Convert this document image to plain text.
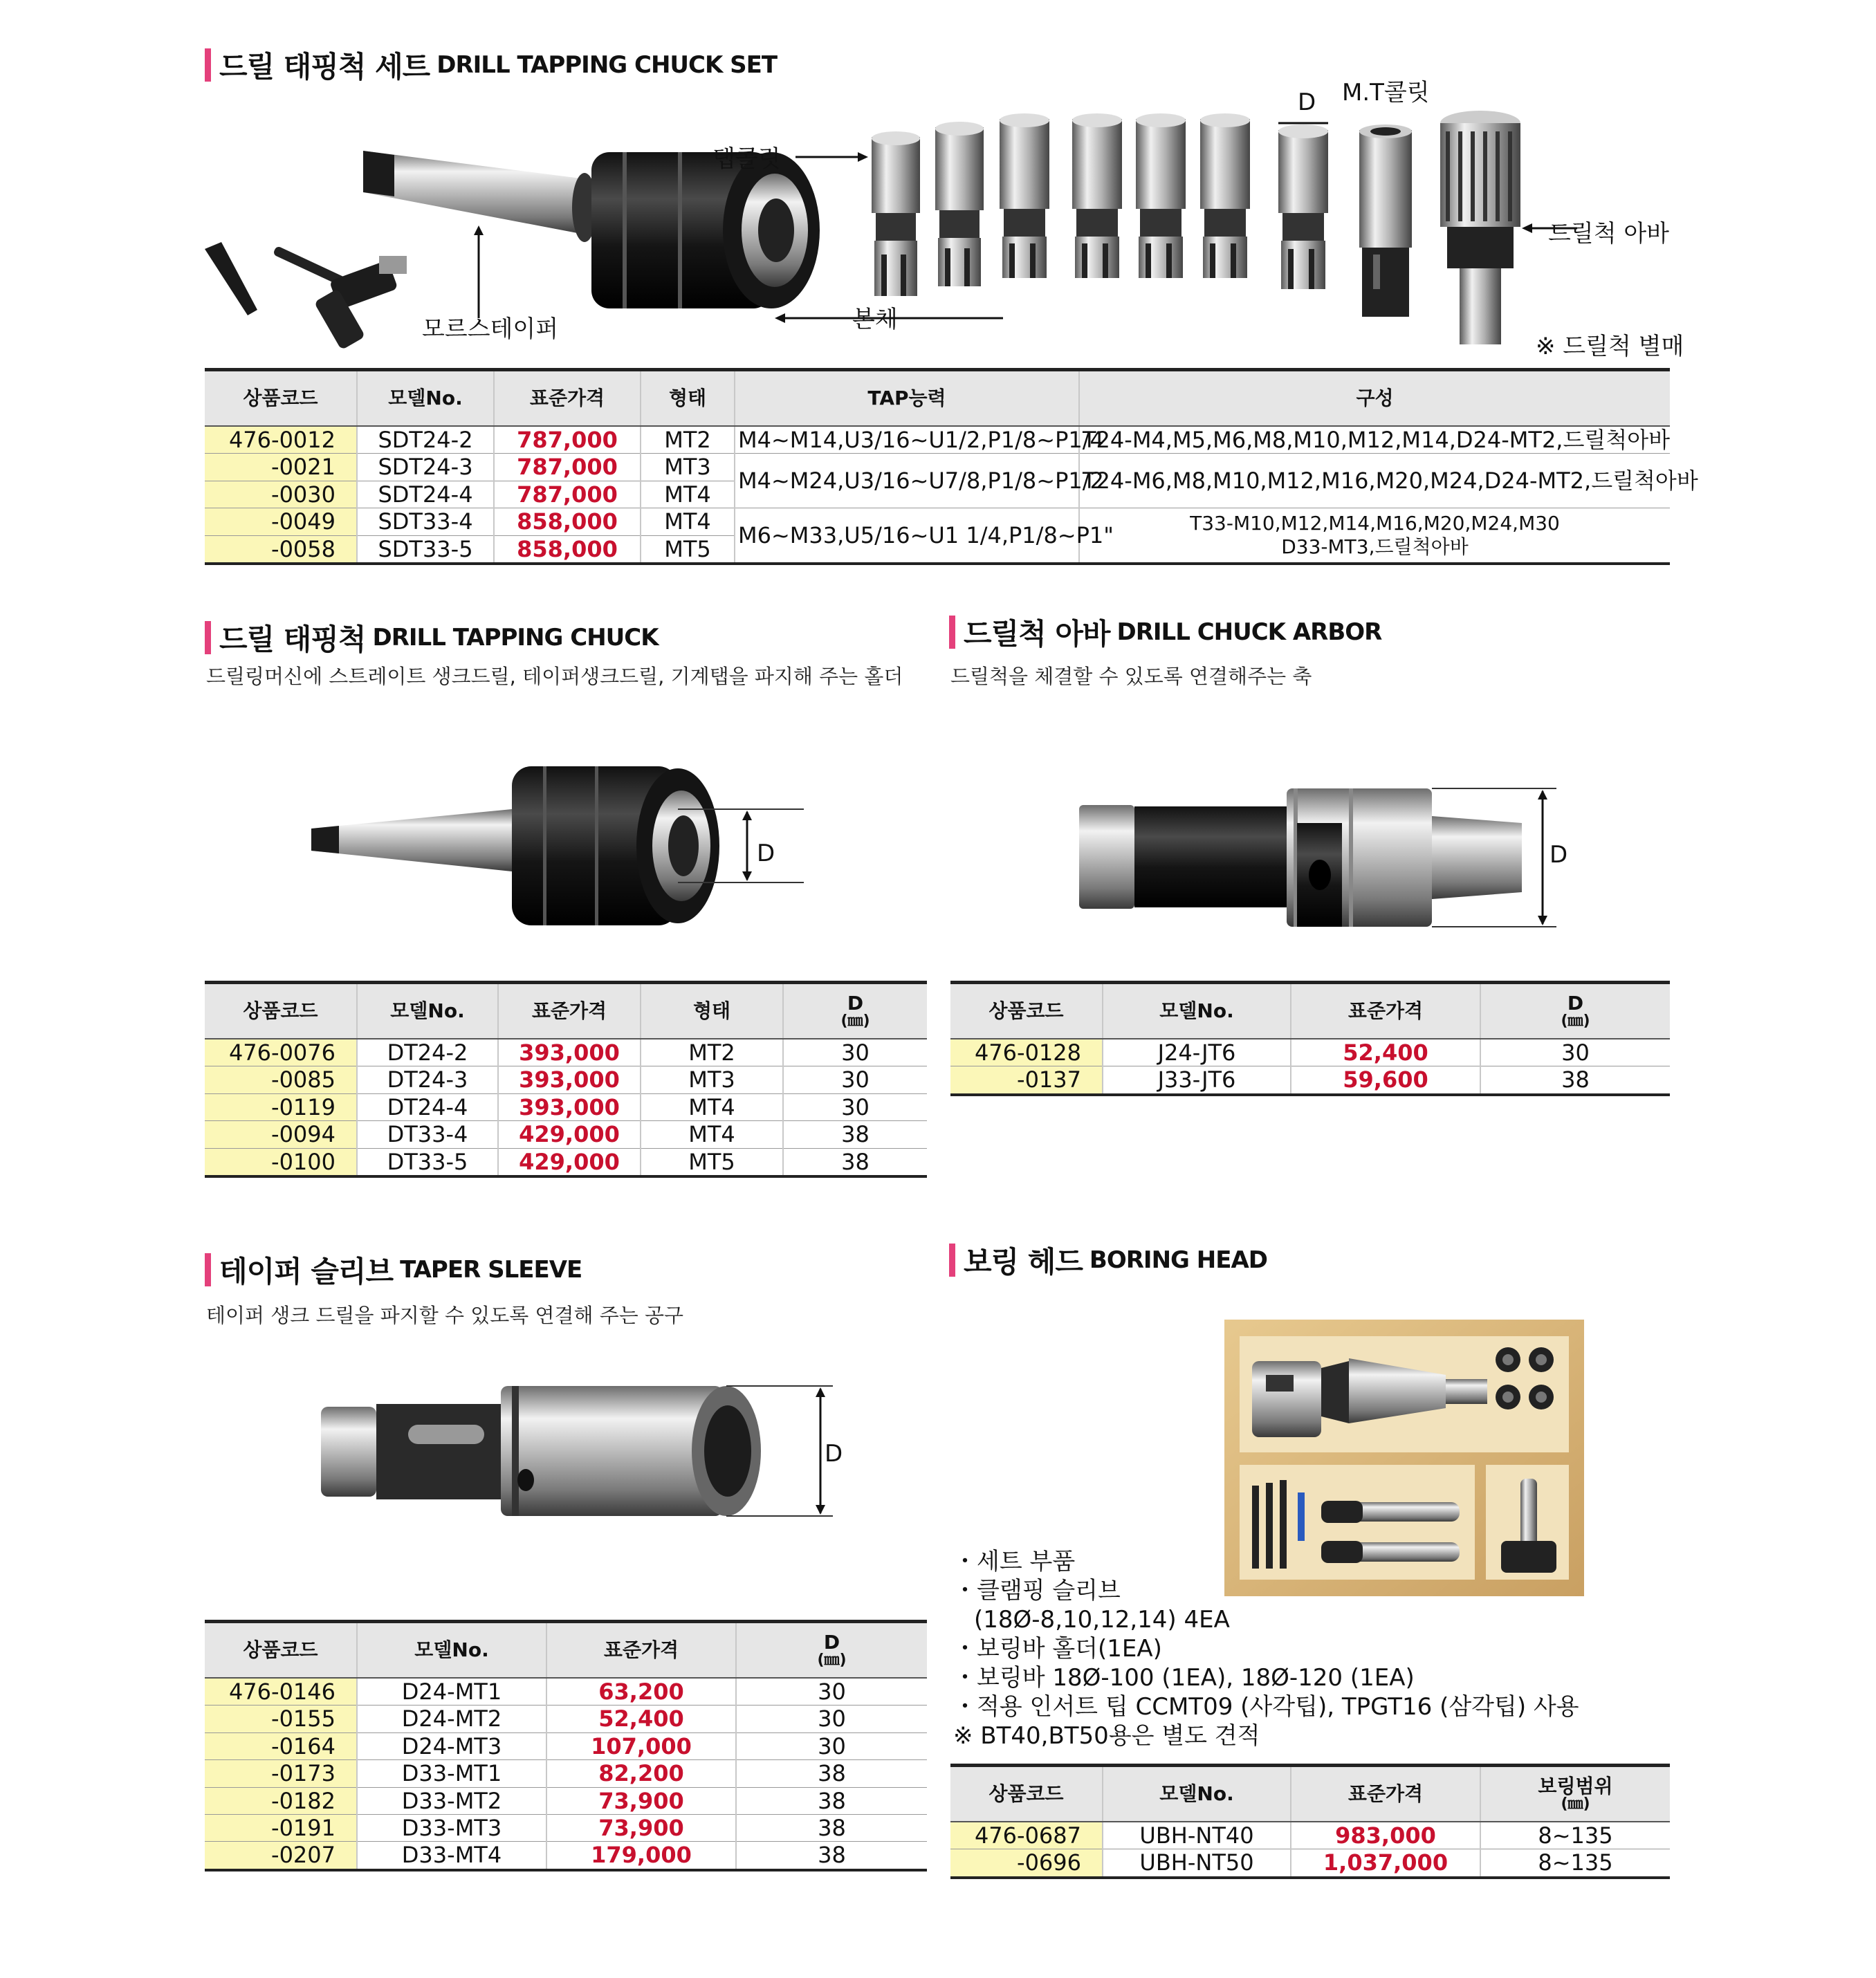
드릴 태핑척 세트 DRILL TAPPING CHUCK SET
탭콜릿
모르스테이퍼	본체
M.T콜릿
D
드릴척 아바
※ 드릴척 별매
상품코드	모델No.	표준가격	형태	TAP능력	구성
476-0012	SDT24-2	787,000	MT2	M4~M14,U3/16~U1/2,P1/8~P1/4	T24-M4,M5,M6,M8,M10,M12,M14,D24-MT2,드릴척아바
-0021	SDT24-3	787,000	MT3	M4~M24,U3/16~U7/8,P1/8~P1/2	T24-M6,M8,M10,M12,M16,M20,M24,D24-MT2,드릴척아바
-0030	SDT24-4	787,000	MT4		
-0049	SDT33-4	858,000	MT4	M6~M33,U5/16~U1 1/4,P1/8~P1"	T33-M10,M12,M14,M16,M20,M24,M30
D33-MT3,드릴척아바

-0058	SDT33-5	858,000	MT5		
드릴 태핑척 DRILL TAPPING CHUCK
드릴링머신에 스트레이트 생크드릴, 테이퍼생크드릴, 기계탭을 파지해 주는 홀더
D
상품코드	모델No.	표준가격	형태	D
(㎜)

476-0076	DT24-2	393,000	MT2	30
-0085	DT24-3	393,000	MT3	30
-0119	DT24-4	393,000	MT4	30
-0094	DT33-4	429,000	MT4	38
-0100	DT33-5	429,000	MT5	38
드릴척 아바 DRILL CHUCK ARBOR
드릴척을 체결할 수 있도록 연결해주는 축
D
상품코드	모델No.	표준가격	D
(㎜)

476-0128	J24-JT6	52,400	30
-0137	J33-JT6	59,600	38
테이퍼 슬리브 TAPER SLEEVE
테이퍼 생크 드릴을 파지할 수 있도록 연결해 주는 공구
D
상품코드	모델No.	표준가격	D
(㎜)

476-0146	D24-MT1	63,200	30
-0155	D24-MT2	52,400	30
-0164	D24-MT3	107,000	30
-0173	D33-MT1	82,200	38
-0182	D33-MT2	73,900	38
-0191	D33-MT3	73,900	38
-0207	D33-MT4	179,000	38
보링 헤드 BORING HEAD
・세트 부품
・클램핑 슬리브
(18Ø-8,10,12,14) 4EA
・보링바 홀더(1EA)
・보링바 18Ø-100 (1EA), 18Ø-120 (1EA)
・적용 인서트 팁 CCMT09 (사각팁), TPGT16 (삼각팁) 사용
※ BT40,BT50용은 별도 견적
상품코드	모델No.	표준가격	보링범위
(㎜)

476-0687	UBH-NT40	983,000	8~135
-0696	UBH-NT50	1,037,000	8~135
